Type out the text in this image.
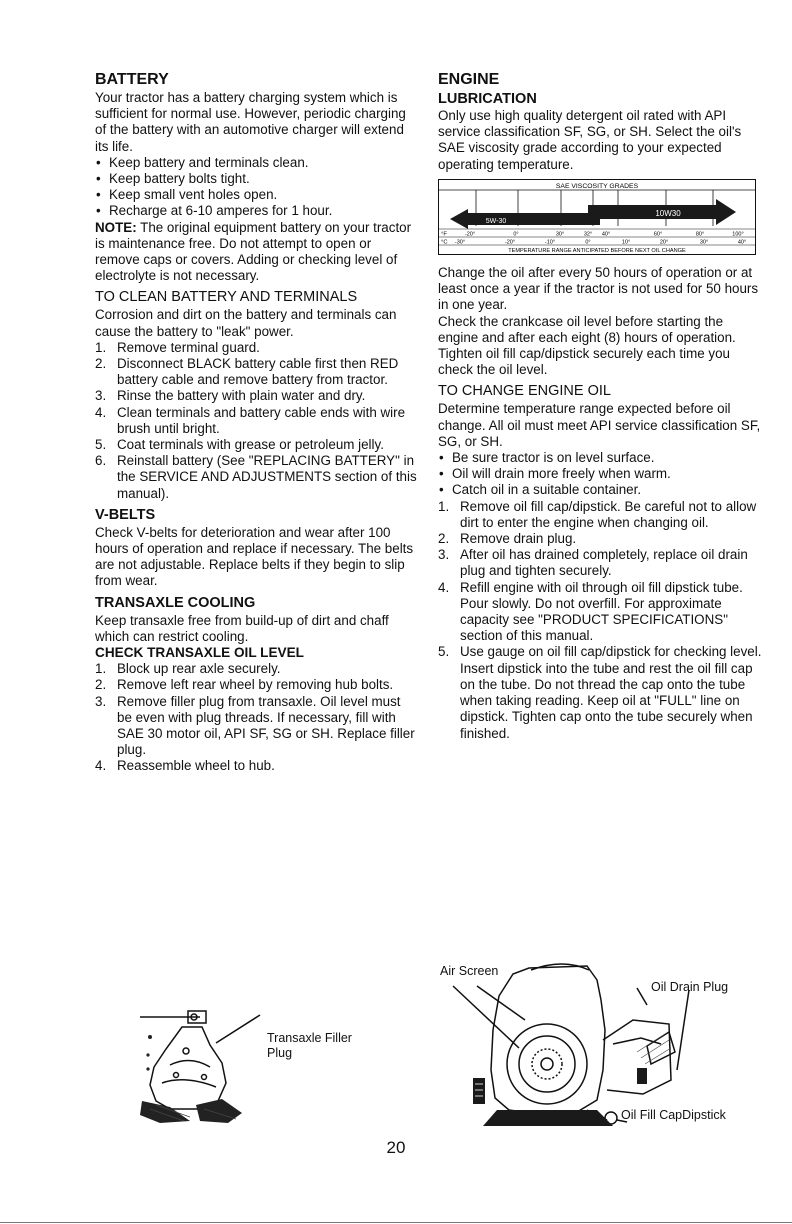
BATTERY

Your tractor has a battery charging system which is sufficient for normal use. However, periodic charging of the battery with an automotive charger will extend its life.

• Keep battery and terminals clean.
• Keep battery bolts tight.
• Keep small vent holes open.
• Recharge at 6-10 amperes for 1 hour.

NOTE: The original equipment battery on your tractor is maintenance free. Do not attempt to open or remove caps or covers. Adding or checking level of electrolyte is not necessary.

TO CLEAN BATTERY AND TERMINALS

Corrosion and dirt on the battery and terminals can cause the battery to "leak" power.

1. Remove terminal guard.
2. Disconnect BLACK battery cable first then RED battery cable and remove battery from tractor.
3. Rinse the battery with plain water and dry.
4. Clean terminals and battery cable ends with wire brush until bright.
5. Coat terminals with grease or petroleum jelly.
6. Reinstall battery (See "REPLACING BATTERY" in the SERVICE AND ADJUSTMENTS section of this manual).
V-BELTS

Check V-belts for deterioration and wear after 100 hours of operation and replace if necessary. The belts are not adjustable. Replace belts if they begin to slip from wear.

TRANSAXLE COOLING

Keep transaxle free from build-up of dirt and chaff which can restrict cooling.

CHECK TRANSAXLE OIL LEVEL
1. Block up rear axle securely.
2. Remove left rear wheel by removing hub bolts.
3. Remove filler plug from transaxle. Oil level must be even with plug threads. If necessary, fill with SAE 30 motor oil, API SF, SG or SH. Replace filler plug.
4. Reassemble wheel to hub.
Transaxle Filler
Plug
ENGINE
LUBRICATION

Only use high quality detergent oil rated with API service classification SF, SG, or SH. Select the oil's SAE viscosity grade according to your expected operating temperature.

SAE VISCOSITY GRADES
10W30
5W-30
°F
°C
-20°	0°	30°	32° 40°	60°	80°	100°
-30°	-20°	-10°	0°	10°	20°	30°	40°
TEMPERATURE RANGE ANTICIPATED BEFORE NEXT OIL CHANGE

Change the oil after every 50 hours of operation or at least once a year if the tractor is not used for 50 hours in one year.

Check the crankcase oil level before starting the engine and after each eight (8) hours of operation. Tighten oil fill cap/dipstick securely each time you check the oil level.

TO CHANGE ENGINE OIL

Determine temperature range expected before oil change. All oil must meet API service classification SF, SG, or SH.

• Be sure tractor is on level surface.
• Oil will drain more freely when warm.
• Catch oil in a suitable container.
1. Remove oil fill cap/dipstick. Be careful not to allow dirt to enter the engine when changing oil.
2. Remove drain plug.
3. After oil has drained completely, replace oil drain plug and tighten securely.
4. Refill engine with oil through oil fill dipstick tube. Pour slowly. Do not overfill. For approximate capacity see "PRODUCT SPECIFICATIONS" section of this manual.
5. Use gauge on oil fill cap/dipstick for checking level. Insert dipstick into the tube and rest the oil fill cap on the tube. Do not thread the cap onto the tube when taking reading. Keep oil at "FULL" line on dipstick. Tighten cap onto the tube securely when finished.
Air Screen
Oil Drain Plug
Oil Fill CapDipstick
20
